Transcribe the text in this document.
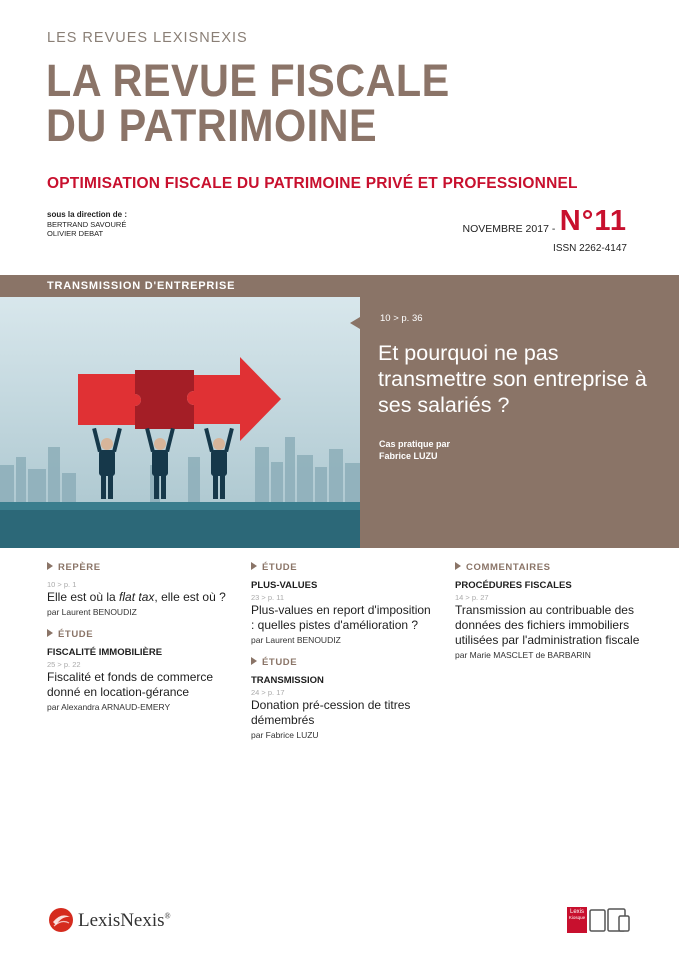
LES REVUES LEXISNEXIS
LA REVUE FISCALE
DU PATRIMOINE
OPTIMISATION FISCALE DU PATRIMOINE PRIVÉ ET PROFESSIONNEL
sous la direction de :
BERTRAND SAVOURÉ
OLIVIER DEBAT	NOVEMBRE 2017 - N°11
ISSN 2262-4147
TRANSMISSION D'ENTREPRISE
10 > p. 36
Et pourquoi ne pas transmettre son entreprise à ses salariés ?
Cas pratique par
Fabrice LUZU
REPÈRE
10 > p. 1
Elle est où la flat tax, elle est où ?
par Laurent BENOUDIZ
ÉTUDE
FISCALITÉ IMMOBILIÈRE
25 > p. 22
Fiscalité et fonds de commerce donné en location-gérance
par Alexandra ARNAUD-EMERY
ÉTUDE
PLUS-VALUES
23 > p. 11
Plus-values en report d'imposition : quelles pistes d'amélioration ?
par Laurent BENOUDIZ
ÉTUDE
TRANSMISSION
24 > p. 17
Donation pré-cession de titres démembrés
par Fabrice LUZU
COMMENTAIRES
PROCÉDURES FISCALES
14 > p. 27
Transmission au contribuable des données des fichiers immobiliers utilisées par l'administration fiscale
par Marie MASCLET de BARBARIN
LexisNexis®	Lexis
Kiosque
